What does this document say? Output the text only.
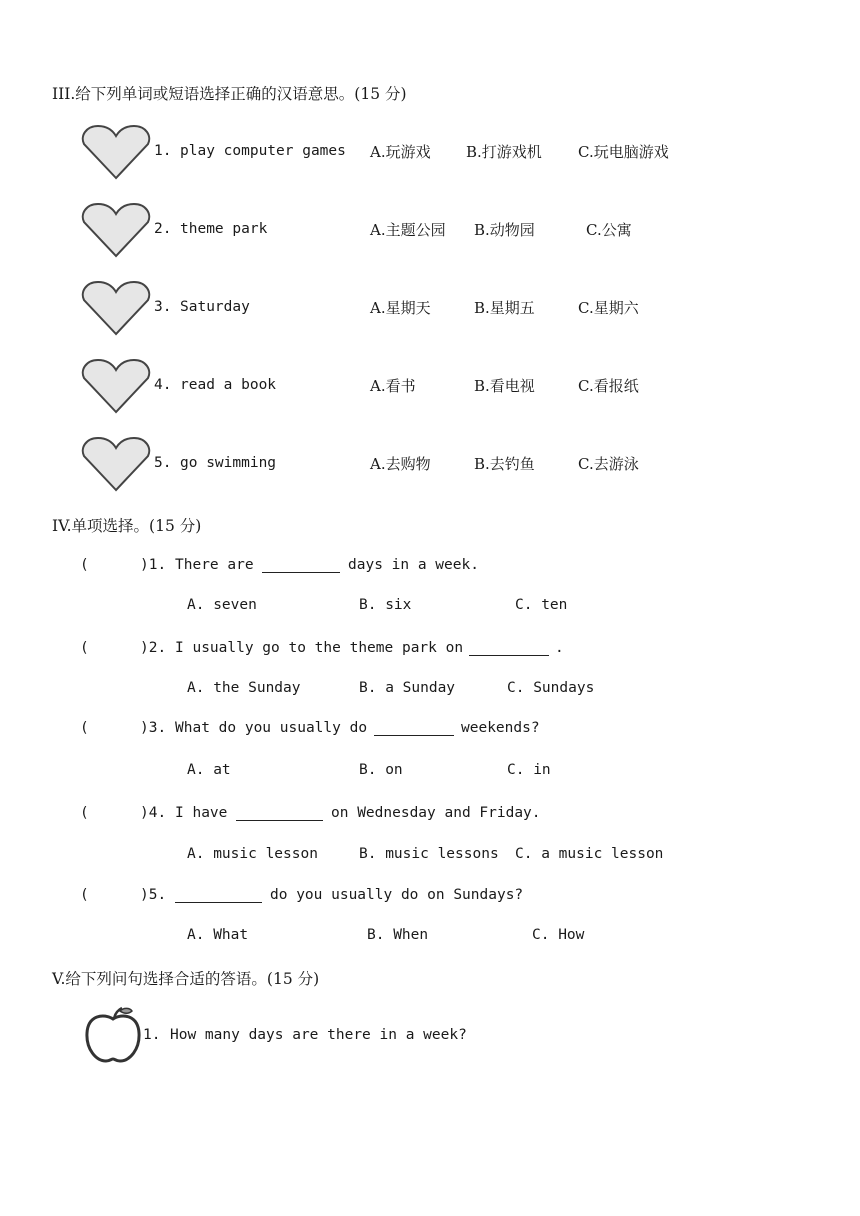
III.给下列单词或短语选择正确的汉语意思。(15 分)
1. play computer games A.玩游戏 B.打游戏机 C.玩电脑游戏
2. theme park	A.主题公园 B.动物园	C.公寓
3. Saturday	A.星期天	B.星期五	C.星期六
4. read a book	A.看书	B.看电视	C.看报纸
5. go swimming	A.去购物	B.去钓鱼	C.去游泳
IV.单项选择。(15 分)
(	)1. There are	days in a week.
A. seven	B. six	C. ten
(	)2. I usually go to the theme park on	.
A. the Sunday	B. a Sunday	C. Sundays
(	)3. What do you usually do	weekends?
A. at	B. on	C. in
(	)4. I have	on Wednesday and Friday.
A. music lesson	B. music lessons C. a music lesson
(	)5.	do you usually do on Sundays?
A. What	B. When	C. How
V.给下列问句选择合适的答语。(15 分)
1. How many days are there in a week?
